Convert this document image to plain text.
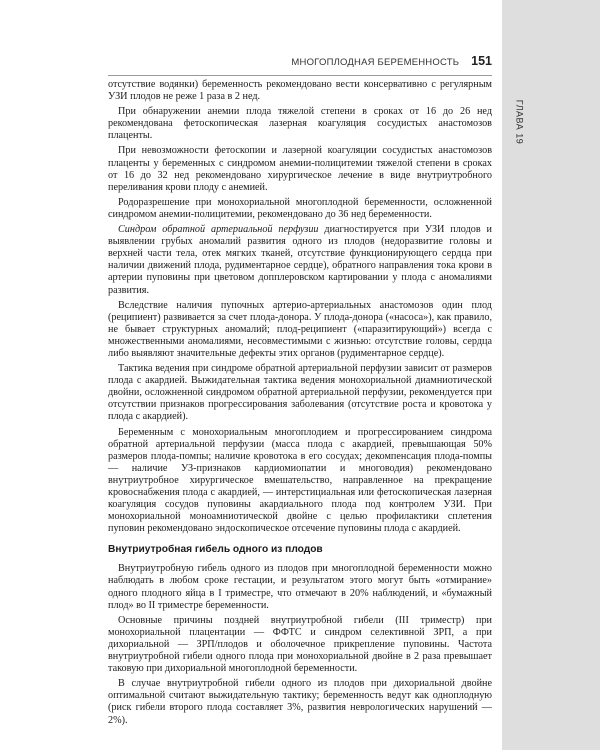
ГЛАВА 19
МНОГОПЛОДНАЯ БЕРЕМЕННОСТЬ 151

отсутствие водянки) беременность рекомендовано вести консервативно с регулярным УЗИ плодов не реже 1 раза в 2 нед.

При обнаружении анемии плода тяжелой степени в сроках от 16 до 26 нед рекомендована фетоскопическая лазерная коагуляция сосудистых анастомозов плаценты.

При невозможности фетоскопии и лазерной коагуляции сосудистых анастомозов плаценты у беременных с синдромом анемии-полицитемии тяжелой степени в сроках от 16 до 32 нед рекомендовано хирургическое лечение в виде внутриутробного переливания крови плоду с анемией.

Родоразрешение при монохориальной многоплодной беременности, осложненной синдромом анемии-полицитемии, рекомендовано до 36 нед беременности.

Синдром обратной артериальной перфузии диагностируется при УЗИ плодов и выявлении грубых аномалий развития одного из плодов (недоразвитие головы и верхней части тела, отек мягких тканей, отсутствие функционирующего сердца при наличии движений плода, рудиментарное сердце), обратного направления тока крови в артерии пуповины при цветовом допплеровском картировании у плода с аномалиями развития.

Вследствие наличия пупочных артерио-артериальных анастомозов один плод (реципиент) развивается за счет плода-донора. У плода-донора («насоса»), как правило, не бывает структурных аномалий; плод-реципиент («паразитирующий») всегда с множественными аномалиями, несовместимыми с жизнью: отсутствие головы, сердца либо выявляют значительные дефекты этих органов (рудиментарное сердце).

Тактика ведения при синдроме обратной артериальной перфузии зависит от размеров плода с акардией. Выжидательная тактика ведения монохориальной диамниотической двойни, осложненной синдромом обратной артериальной перфузии, рекомендуется при отсутствии признаков прогрессирования заболевания (отсутствие роста и кровотока у плода с акардией).

Беременным с монохориальным многоплодием и прогрессированием синдрома обратной артериальной перфузии (масса плода с акардией, превышающая 50% размеров плода-помпы; наличие кровотока в его сосудах; декомпенсация плода-помпы — наличие УЗ-признаков кардиомиопатии и многоводия) рекомендовано внутриутробное хирургическое вмешательство, направленное на прекращение кровоснабжения плода с акардией, — интерстициальная или фетоскопическая лазерная коагуляция сосудов пуповины акардиального плода под контролем УЗИ. При монохориальной моноамниотической двойне с целью профилактики сплетения пуповин рекомендовано эндоскопическое отсечение пуповины плода с акардией.

Внутриутробная гибель одного из плодов

Внутриутробную гибель одного из плодов при многоплодной беременности можно наблюдать в любом сроке гестации, и результатом этого могут быть «отмирание» одного плодного яйца в I триместре, что отмечают в 20% наблюдений, и «бумажный плод» во II триместре беременности.

Основные причины поздней внутриутробной гибели (III триместр) при монохориальной плацентации — ФФТС и синдром селективной ЗРП, а при дихориальной — ЗРП/плодов и оболочечное прикрепление пуповины. Частота внутриутробной гибели одного плода при монохориальной двойне в 2 раза превышает таковую при дихориальной многоплодной беременности.

В случае внутриутробной гибели одного из плодов при дихориальной двойне оптимальной считают выжидательную тактику; беременность ведут как одноплодную (риск гибели второго плода составляет 3%, развития неврологических нарушений — 2%).
